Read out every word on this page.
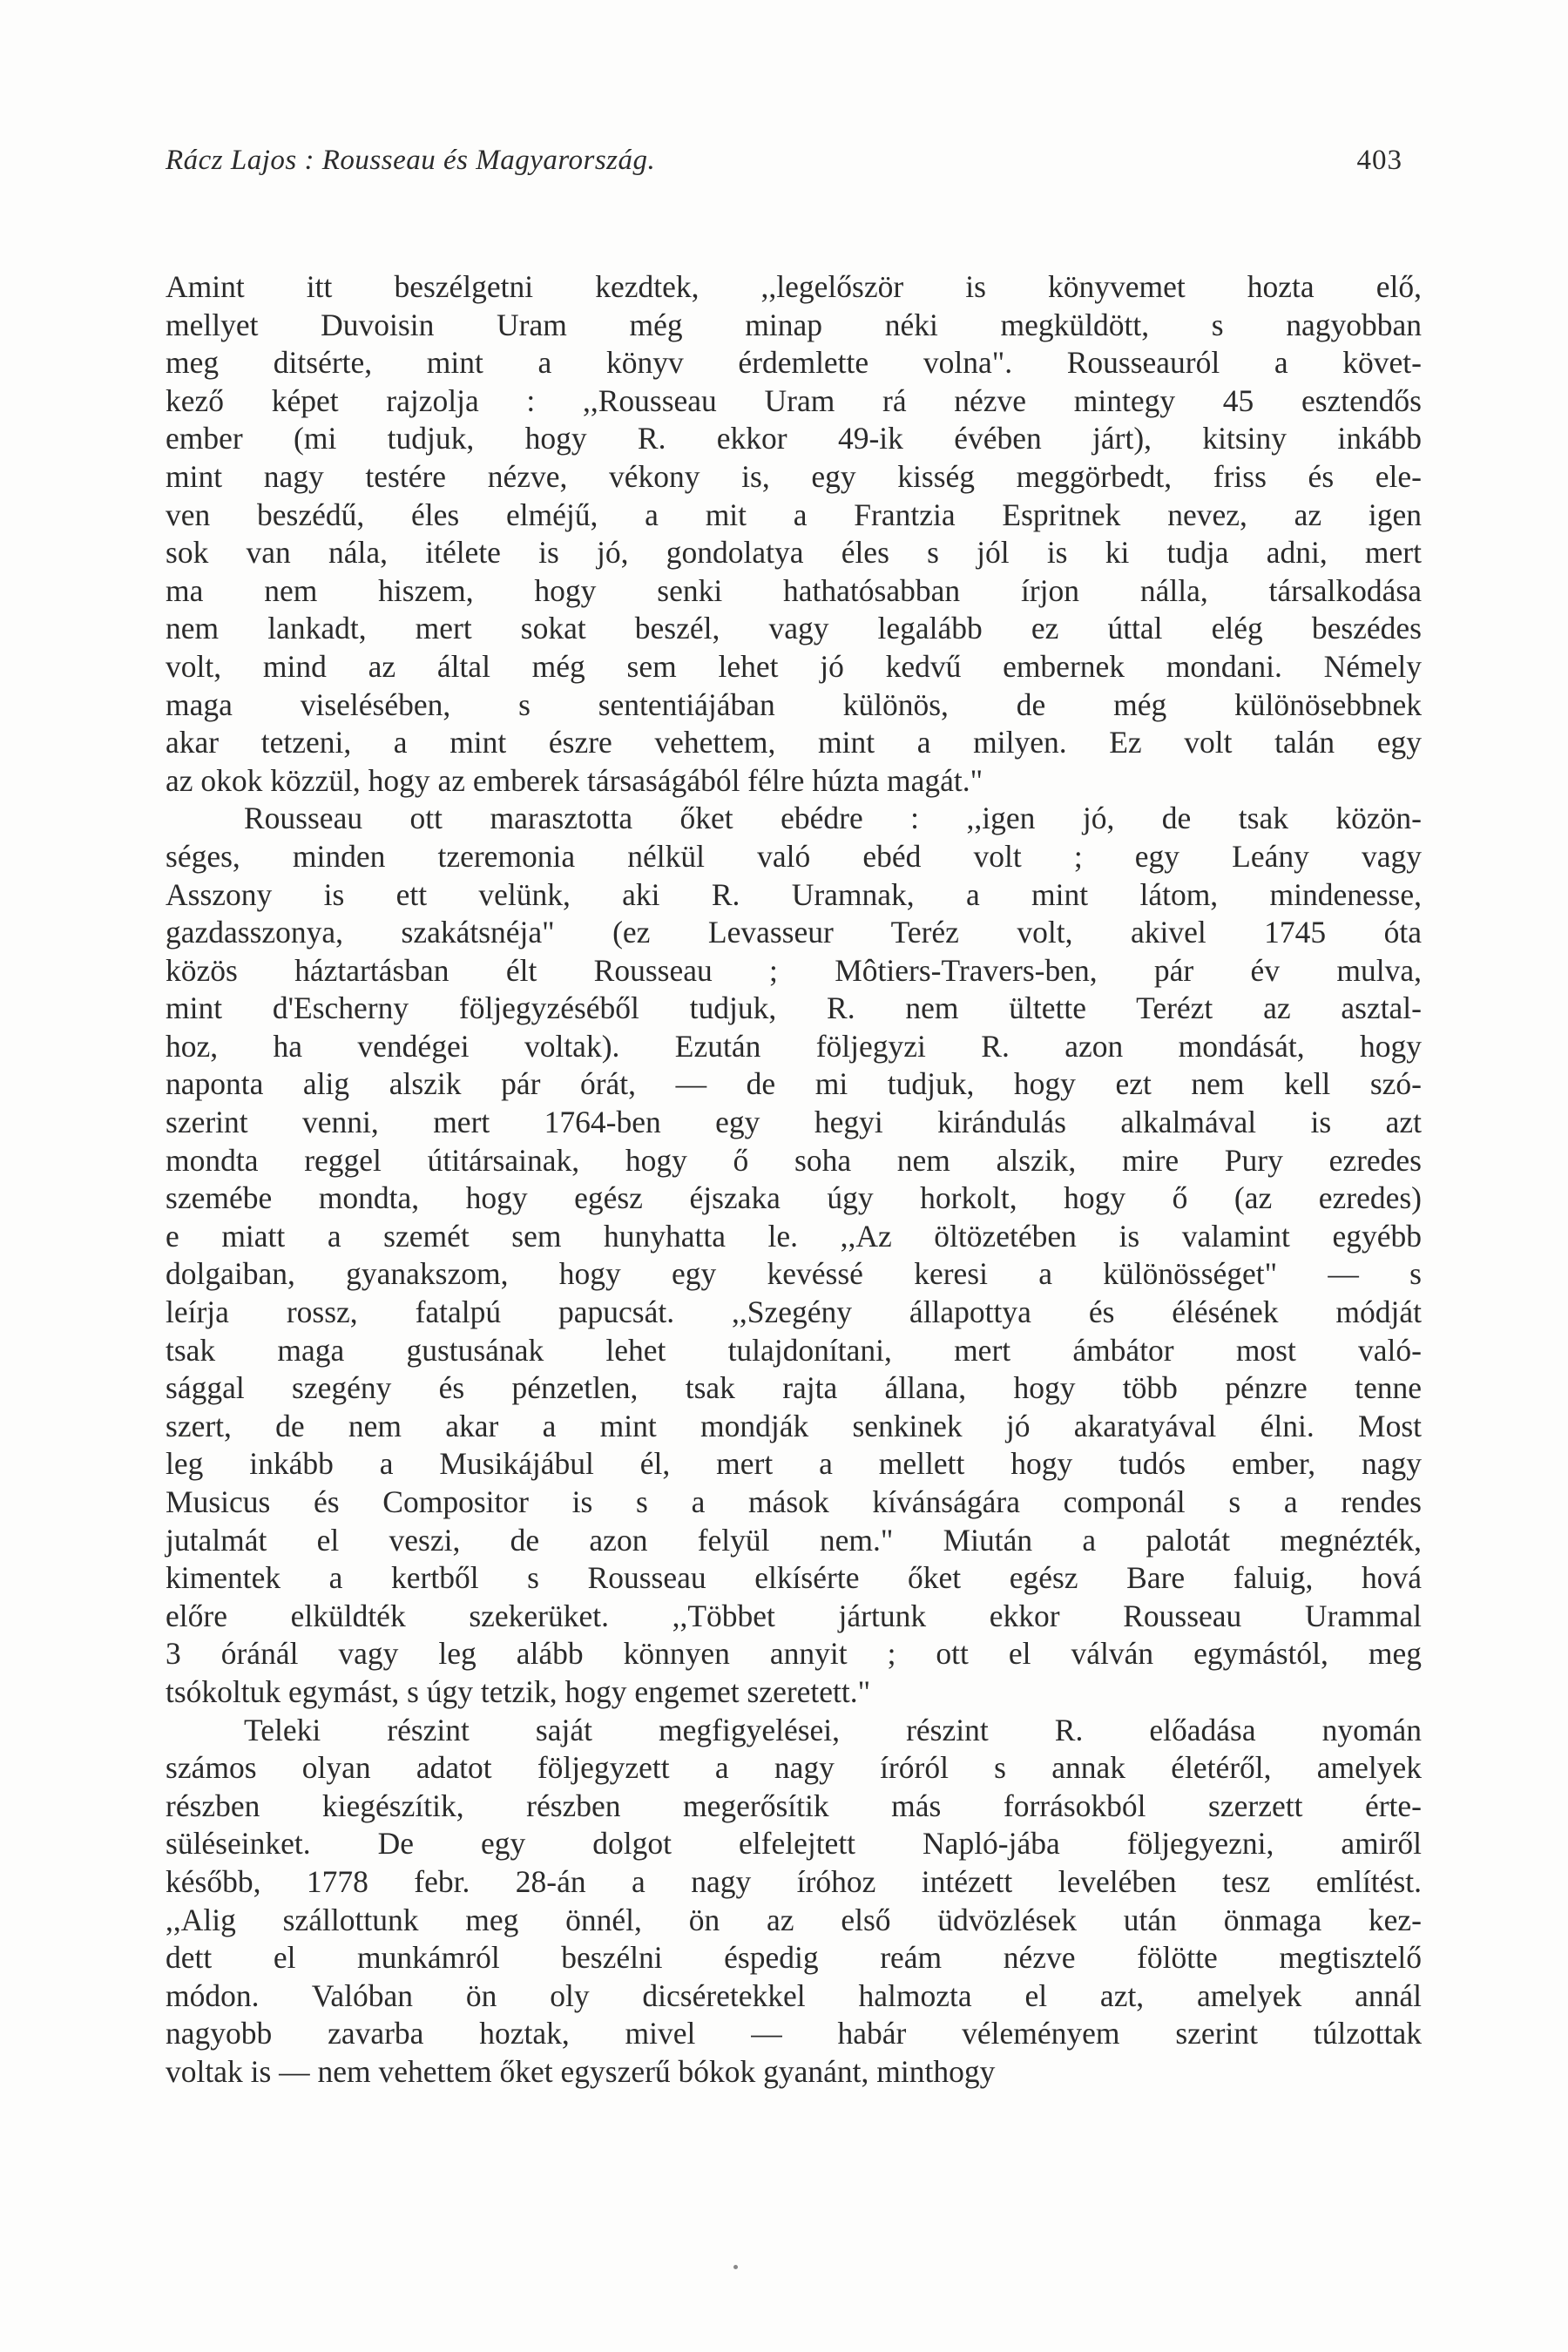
Rácz Lajos : Rousseau és Magyarország.	403
Amint itt beszélgetni kezdtek, ,,legelőször is könyvemet hozta elő,
mellyet Duvoisin Uram még minap néki megküldött, s nagyobban
meg ditsérte, mint a könyv érdemlette volna". Rousseauról a követ-
kező képet rajzolja : ,,Rousseau Uram rá nézve mintegy 45 esztendős
ember (mi tudjuk, hogy R. ekkor 49-ik évében járt), kitsiny inkább
mint nagy testére nézve, vékony is, egy kisség meggörbedt, friss és ele-
ven beszédű, éles elméjű, a mit a Frantzia Espritnek nevez, az igen
sok van nála, itélete is jó, gondolatya éles s jól is ki tudja adni, mert
ma nem hiszem, hogy senki hathatósabban írjon nálla, társalkodása
nem lankadt, mert sokat beszél, vagy legalább ez úttal elég beszédes
volt, mind az által még sem lehet jó kedvű embernek mondani. Némely
maga viselésében, s sententiájában különös, de még különösebbnek
akar tetzeni, a mint észre vehettem, mint a milyen. Ez volt talán egy
az okok közzül, hogy az emberek társaságából félre húzta magát."
Rousseau ott marasztotta őket ebédre : ,,igen jó, de tsak közön-
séges, minden tzeremonia nélkül való ebéd volt ; egy Leány vagy
Asszony is ett velünk, aki R. Uramnak, a mint látom, mindenesse,
gazdasszonya, szakátsnéja" (ez Levasseur Teréz volt, akivel 1745 óta
közös háztartásban élt Rousseau ; Môtiers-Travers-ben, pár év mulva,
mint d'Escherny följegyzéséből tudjuk, R. nem ültette Terézt az asztal-
hoz, ha vendégei voltak). Ezután följegyzi R. azon mondását, hogy
naponta alig alszik pár órát, — de mi tudjuk, hogy ezt nem kell szó-
szerint venni, mert 1764-ben egy hegyi kirándulás alkalmával is azt
mondta reggel útitársainak, hogy ő soha nem alszik, mire Pury ezredes
szemébe mondta, hogy egész éjszaka úgy horkolt, hogy ő (az ezredes)
e miatt a szemét sem hunyhatta le. ,,Az öltözetében is valamint egyébb
dolgaiban, gyanakszom, hogy egy kevéssé keresi a különösséget" — s
leírja rossz, fatalpú papucsát. ,,Szegény állapottya és élésének módját
tsak maga gustusának lehet tulajdonítani, mert ámbátor most való-
sággal szegény és pénzetlen, tsak rajta állana, hogy több pénzre tenne
szert, de nem akar a mint mondják senkinek jó akaratyával élni. Most
leg inkább a Musikájábul él, mert a mellett hogy tudós ember, nagy
Musicus és Compositor is s a mások kívánságára componál s a rendes
jutalmát el veszi, de azon felyül nem." Miután a palotát megnézték,
kimentek a kertből s Rousseau elkísérte őket egész Bare faluig, hová
előre elküldték szekerüket. ,,Többet jártunk ekkor Rousseau Urammal
3 óránál vagy leg alább könnyen annyit ; ott el válván egymástól, meg
tsókoltuk egymást, s úgy tetzik, hogy engemet szeretett."
Teleki részint saját megfigyelései, részint R. előadása nyomán
számos olyan adatot följegyzett a nagy íróról s annak életéről, amelyek
részben kiegészítik, részben megerősítik más forrásokból szerzett érte-
süléseinket. De egy dolgot elfelejtett Napló-jába följegyezni, amiről
később, 1778 febr. 28-án a nagy íróhoz intézett levelében tesz említést.
,,Alig szállottunk meg önnél, ön az első üdvözlések után önmaga kez-
dett el munkámról beszélni éspedig reám nézve fölötte megtisztelő
módon. Valóban ön oly dicséretekkel halmozta el azt, amelyek annál
nagyobb zavarba hoztak, mivel — habár véleményem szerint túlzottak
voltak is — nem vehettem őket egyszerű bókok gyanánt, minthogy
